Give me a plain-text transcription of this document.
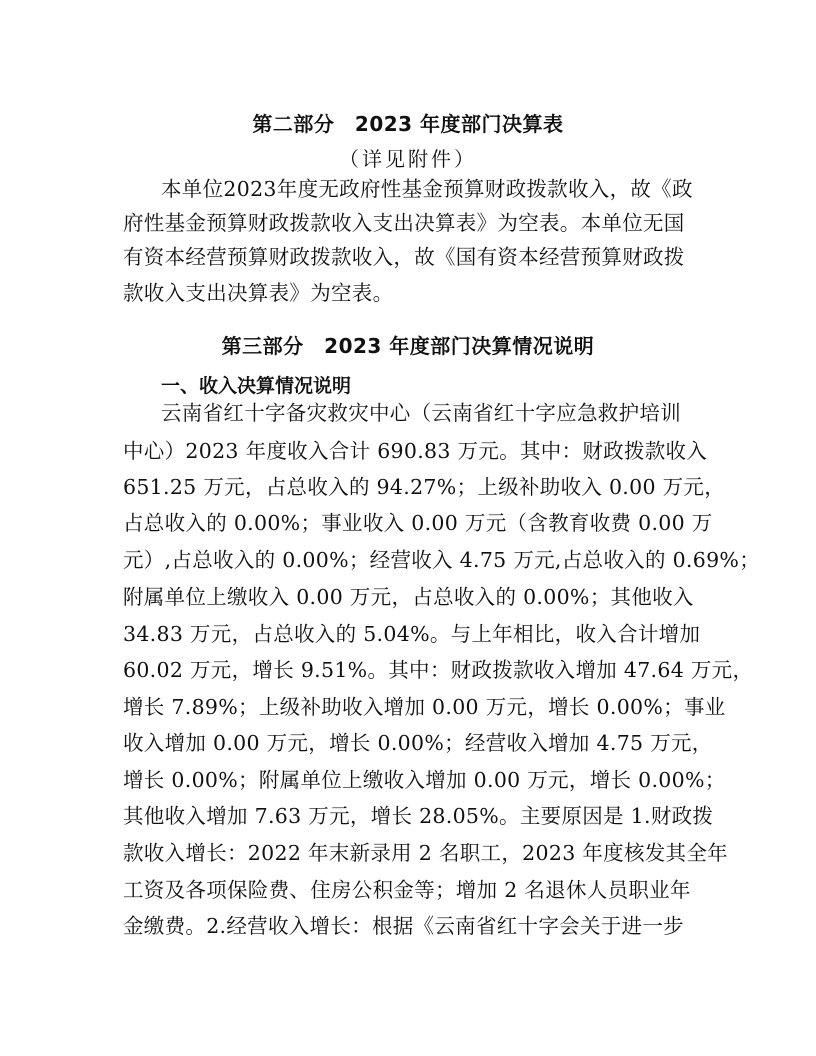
第二部分　2023 年度部门决算表
（详见附件）
本单位2023年度无政府性基金预算财政拨款收入，故《政
府性基金预算财政拨款收入支出决算表》为空表。本单位无国
有资本经营预算财政拨款收入，故《国有资本经营预算财政拨
款收入支出决算表》为空表。
第三部分　2023 年度部门决算情况说明
一、收入决算情况说明
云南省红十字备灾救灾中心（云南省红十字应急救护培训
中心）2023 年度收入合计 690.83 万元。其中：财政拨款收入
651.25 万元，占总收入的 94.27%；上级补助收入 0.00 万元，
占总收入的 0.00%；事业收入 0.00 万元（含教育收费 0.00 万
元）,占总收入的 0.00%；经营收入 4.75 万元,占总收入的 0.69%；
附属单位上缴收入 0.00 万元，占总收入的 0.00%；其他收入
34.83 万元，占总收入的 5.04%。与上年相比，收入合计增加
60.02 万元，增长 9.51%。其中：财政拨款收入增加 47.64 万元，
增长 7.89%；上级补助收入增加 0.00 万元，增长 0.00%；事业
收入增加 0.00 万元，增长 0.00%；经营收入增加 4.75 万元，
增长 0.00%；附属单位上缴收入增加 0.00 万元，增长 0.00%；
其他收入增加 7.63 万元，增长 28.05%。主要原因是 1.财政拨
款收入增长：2022 年末新录用 2 名职工，2023 年度核发其全年
工资及各项保险费、住房公积金等；增加 2 名退休人员职业年
金缴费。2.经营收入增长：根据《云南省红十字会关于进一步
